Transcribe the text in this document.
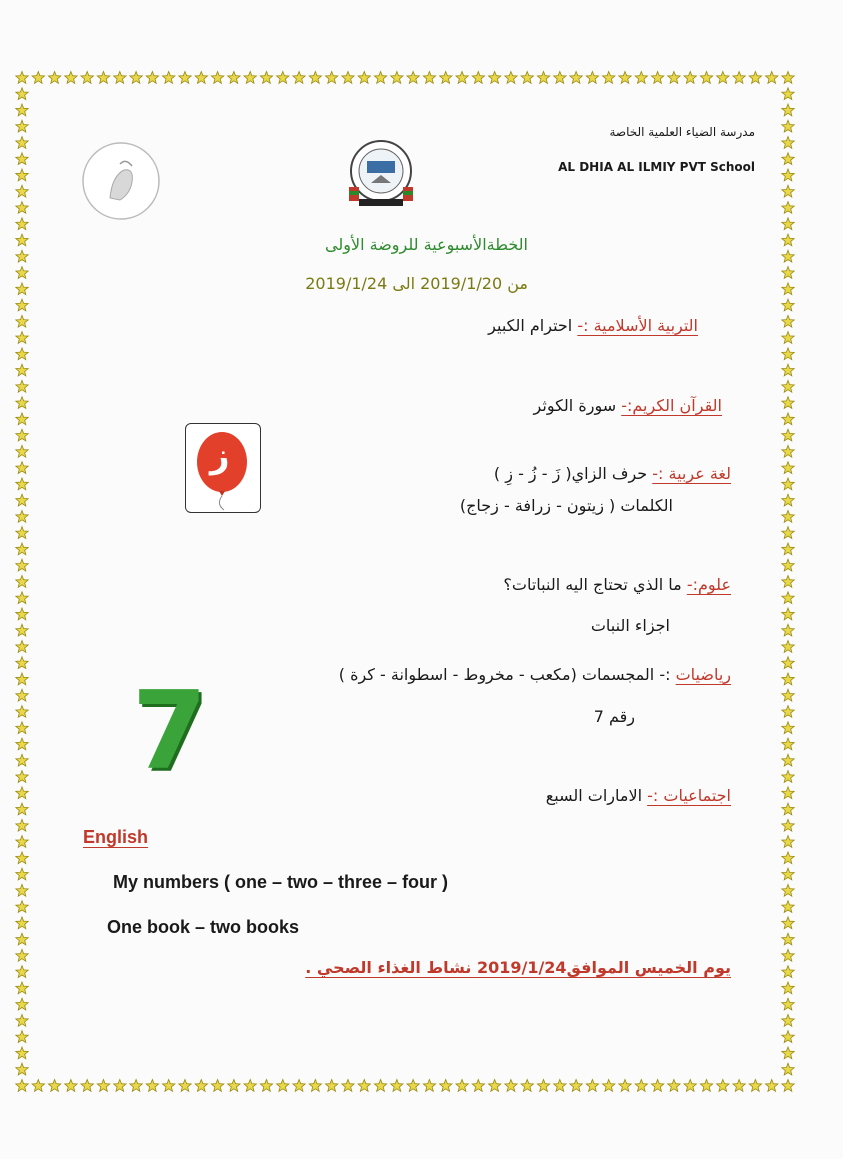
مدرسة الضياء العلمية الخاصة
AL DHIA AL ILMIY PVT School
الخطةالأسبوعية للروضة الأولى
من 2019/1/20 الى 2019/1/24
التربية الأسلامية :- احترام الكبير
القرآن الكريم:- سورة الكوثر
ز	لغة عربية :- حرف الزاي( زَ - زُ - زِ )
الكلمات ( زيتون - زرافة - زجاج)
علوم:- ما الذي تحتاج اليه النباتات؟
اجزاء النبات
رياضيات :- المجسمات (مكعب - مخروط - اسطوانة - كرة )
رقم 7
7
اجتماعيات :- الامارات السبع
English
My numbers ( one – two – three – four )
One book – two books
يوم الخميس الموافق2019/1/24 نشاط الغذاء الصحي .
